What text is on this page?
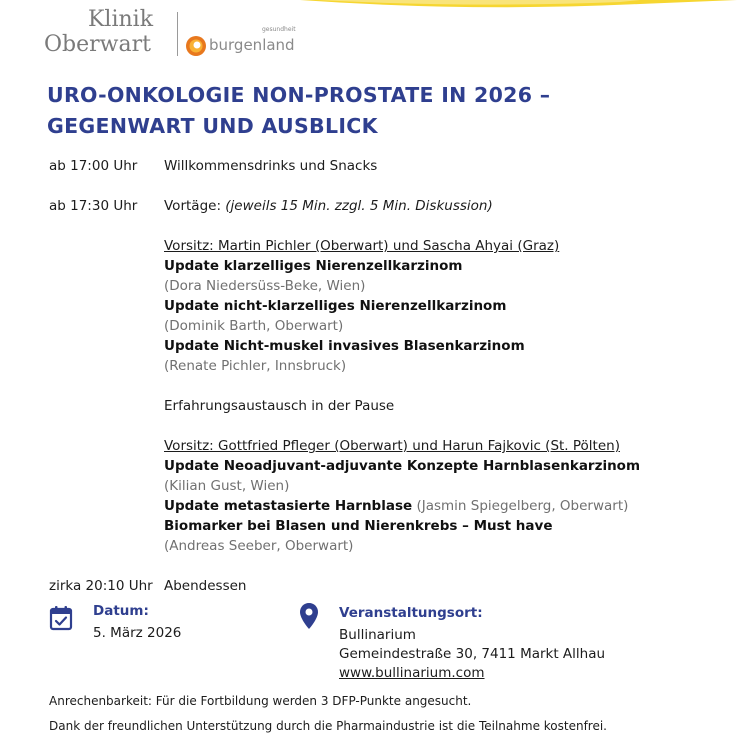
Klinik
Oberwart
gesundheit
burgenland
URO-ONKOLOGIE NON-PROSTATE IN 2026 –
GEGENWART UND AUSBLICK
ab 17:00 Uhr Willkommensdrinks und Snacks
ab 17:30 Uhr Vortäge: (jeweils 15 Min. zzgl. 5 Min. Diskussion)
Vorsitz: Martin Pichler (Oberwart) und Sascha Ahyai (Graz)
Update klarzelliges Nierenzellkarzinom
(Dora Niedersüss-Beke, Wien)
Update nicht-klarzelliges Nierenzellkarzinom
(Dominik Barth, Oberwart)
Update Nicht-muskel invasives Blasenkarzinom
(Renate Pichler, Innsbruck)
Erfahrungsaustausch in der Pause
Vorsitz: Gottfried Pfleger (Oberwart) und Harun Fajkovic (St. Pölten)
Update Neoadjuvant-adjuvante Konzepte Harnblasenkarzinom
(Kilian Gust, Wien)
Update metastasierte Harnblase (Jasmin Spiegelberg, Oberwart)
Biomarker bei Blasen und Nierenkrebs – Must have
(Andreas Seeber, Oberwart)
zirka 20:10 Uhr Abendessen
Datum:
5. März 2026
Veranstaltungsort:
Bullinarium
Gemeindestraße 30, 7411 Markt Allhau
www.bullinarium.com
Anrechenbarkeit: Für die Fortbildung werden 3 DFP-Punkte angesucht.
Dank der freundlichen Unterstützung durch die Pharmaindustrie ist die Teilnahme kostenfrei.
